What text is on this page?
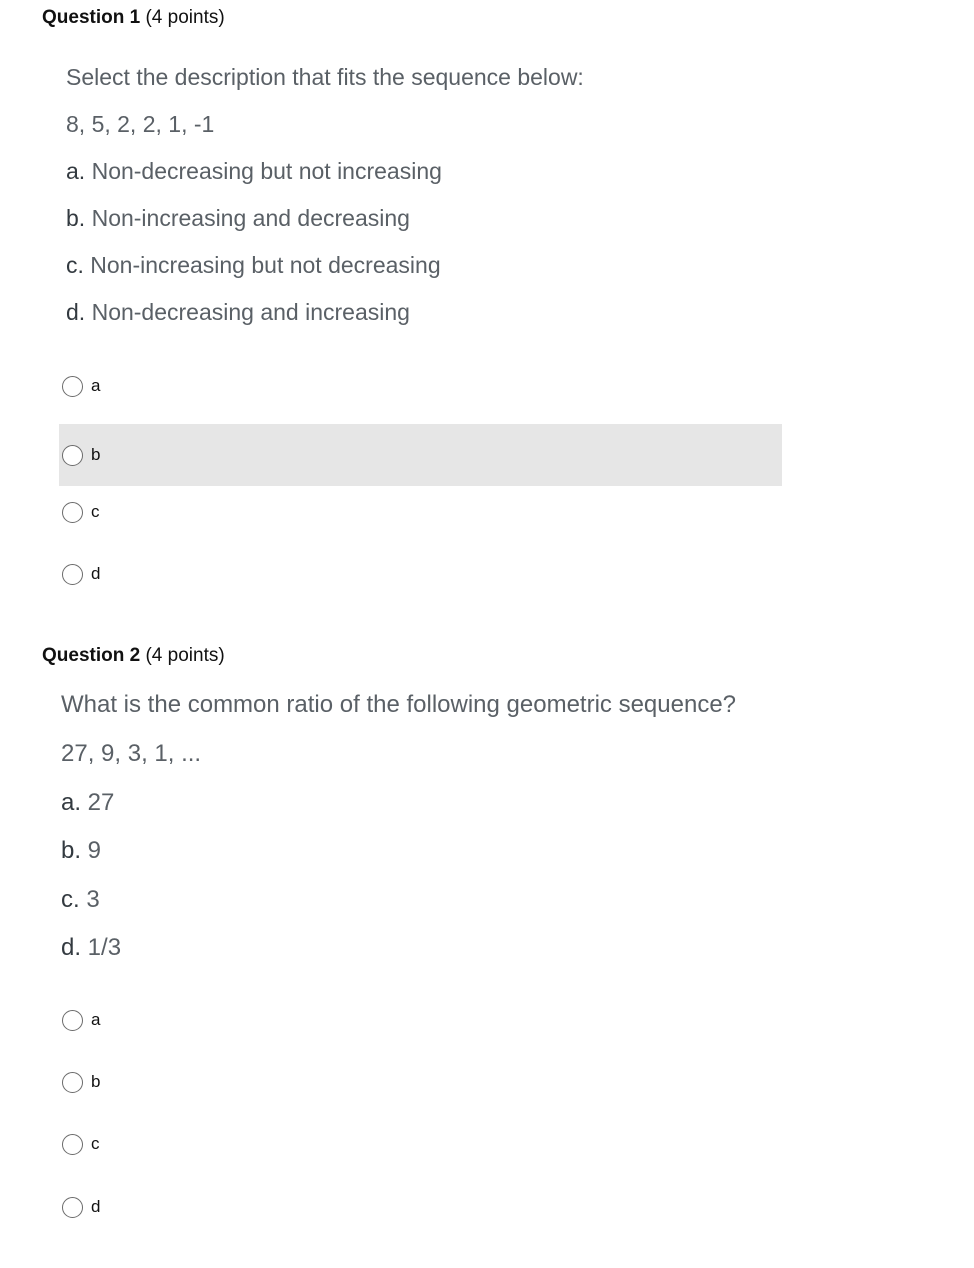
Question 1 (4 points)
Select the description that fits the sequence below:
8, 5, 2, 2, 1, -1
a. Non-decreasing but not increasing
b. Non-increasing and decreasing
c. Non-increasing but not decreasing
d. Non-decreasing and increasing
a
b
c
d
Question 2 (4 points)
What is the common ratio of the following geometric sequence?
27, 9, 3, 1, ...
a. 27
b. 9
c. 3
d. 1/3
a
b
c
d
